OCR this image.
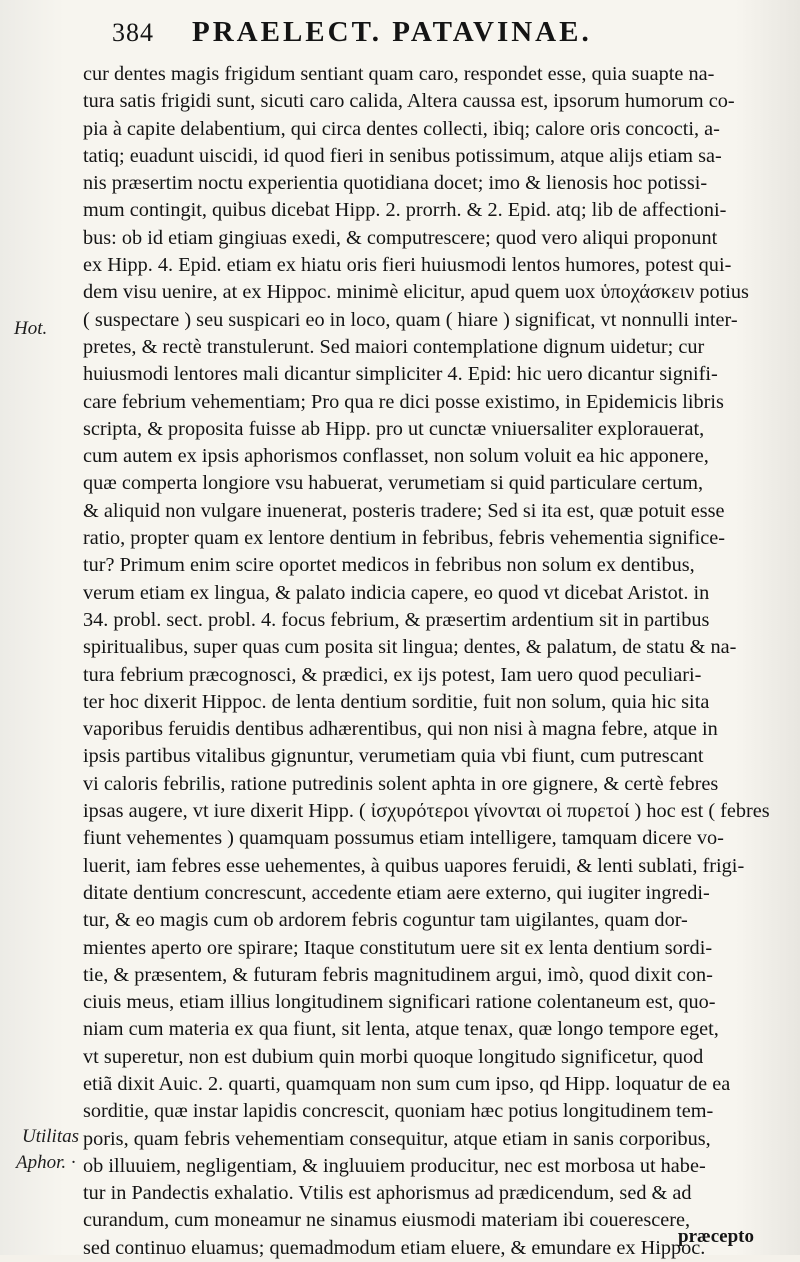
384 PRAELECT. PATAVINAE.
Hot.
Utilitas
Aphor. ·
cur dentes magis frigidum sentiant quam caro, respondet esse, quia suapte na-
tura satis frigidi sunt, sicuti caro calida, Altera caussa est, ipsorum humorum co-
pia à capite delabentium, qui circa dentes collecti, ibiq; calore oris concocti, a-
tatiq; euadunt uiscidi, id quod fieri in senibus potissimum, atque alijs etiam sa-
nis præsertim noctu experientia quotidiana docet; imo & lienosis hoc potissi-
mum contingit, quibus dicebat Hipp. 2. prorrh. & 2. Epid. atq; lib de affectioni-
bus: ob id etiam gingiuas exedi, & computrescere; quod vero aliqui proponunt
ex Hipp. 4. Epid. etiam ex hiatu oris fieri huiusmodi lentos humores, potest qui-
dem visu uenire, at ex Hippoc. minimè elicitur, apud quem uox ὑποχάσκειν potius
( suspectare ) seu suspicari eo in loco, quam ( hiare ) significat, vt nonnulli inter-
pretes, & rectè transtulerunt. Sed maiori contemplatione dignum uidetur; cur
huiusmodi lentores mali dicantur simpliciter 4. Epid: hic uero dicantur signifi-
care febrium vehementiam; Pro qua re dici posse existimo, in Epidemicis libris
scripta, & proposita fuisse ab Hipp. pro ut cunctæ vniuersaliter explorauerat,
cum autem ex ipsis aphorismos conflasset, non solum voluit ea hic apponere,
quæ comperta longiore vsu habuerat, verumetiam si quid particulare certum,
& aliquid non vulgare inuenerat, posteris tradere; Sed si ita est, quæ potuit esse
ratio, propter quam ex lentore dentium in febribus, febris vehementia significe-
tur? Primum enim scire oportet medicos in febribus non solum ex dentibus,
verum etiam ex lingua, & palato indicia capere, eo quod vt dicebat Aristot. in
34. probl. sect. probl. 4. focus febrium, & præsertim ardentium sit in partibus
spiritualibus, super quas cum posita sit lingua; dentes, & palatum, de statu & na-
tura febrium præcognosci, & prædici, ex ijs potest, Iam uero quod peculiari-
ter hoc dixerit Hippoc. de lenta dentium sorditie, fuit non solum, quia hic sita
vaporibus feruidis dentibus adhærentibus, qui non nisi à magna febre, atque in
ipsis partibus vitalibus gignuntur, verumetiam quia vbi fiunt, cum putrescant
vi caloris febrilis, ratione putredinis solent aphta in ore gignere, & certè febres
ipsas augere, vt iure dixerit Hipp. ( ἰσχυρότεροι γίνονται οἱ πυρετοί ) hoc est ( febres
fiunt vehementes ) quamquam possumus etiam intelligere, tamquam dicere vo-
luerit, iam febres esse uehementes, à quibus uapores feruidi, & lenti sublati, frigi-
ditate dentium concrescunt, accedente etiam aere externo, qui iugiter ingredi-
tur, & eo magis cum ob ardorem febris coguntur tam uigilantes, quam dor-
mientes aperto ore spirare; Itaque constitutum uere sit ex lenta dentium sordi-
tie, & præsentem, & futuram febris magnitudinem argui, imò, quod dixit con-
ciuis meus, etiam illius longitudinem significari ratione colentaneum est, quo-
niam cum materia ex qua fiunt, sit lenta, atque tenax, quæ longo tempore eget,
vt superetur, non est dubium quin morbi quoque longitudo significetur, quod
etiã dixit Auic. 2. quarti, quamquam non sum cum ipso, qd Hipp. loquatur de ea
sorditie, quæ instar lapidis concrescit, quoniam hæc potius longitudinem tem-
poris, quam febris vehementiam consequitur, atque etiam in sanis corporibus,
ob illuuiem, negligentiam, & ingluuiem producitur, nec est morbosa ut habe-
tur in Pandectis exhalatio. Vtilis est aphorismus ad prædicendum, sed & ad
curandum, cum moneamur ne sinamus eiusmodi materiam ibi couerescere,
sed continuo eluamus; quemadmodum etiam eluere, & emundare ex Hippoc.
præcepto
